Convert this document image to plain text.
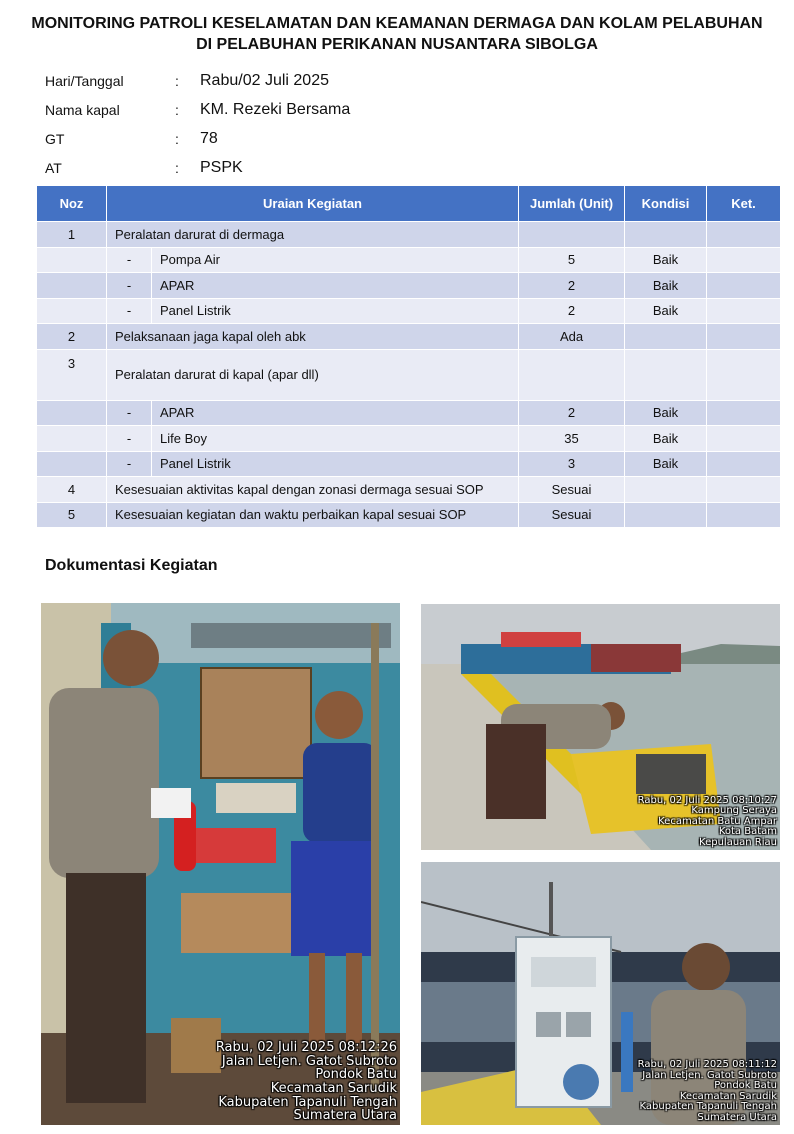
MONITORING PATROLI KESELAMATAN DAN KEAMANAN DERMAGA DAN KOLAM PELABUHAN
DI PELABUHAN PERIKANAN NUSANTARA SIBOLGA
Hari/Tanggal	:	Rabu/02 Juli 2025
Nama kapal	:	KM. Rezeki Bersama
GT	:	78
AT	:	PSPK
Noz	Uraian Kegiatan		Jumlah (Unit)	Kondisi	Ket.
1	Peralatan darurat di dermaga				
	-	Pompa Air	5	Baik	
	-	APAR	2	Baik	
	-	Panel Listrik	2	Baik	
2	Pelaksanaan jaga kapal oleh abk		Ada		
3	Peralatan darurat di kapal (apar dll)				
	-	APAR	2	Baik	
	-	Life Boy	35	Baik	
	-	Panel Listrik	3	Baik	
4	Kesesuaian aktivitas kapal dengan zonasi dermaga sesuai SOP		Sesuai		
5	Kesesuaian kegiatan dan waktu perbaikan kapal sesuai SOP		Sesuai		
Dokumentasi Kegiatan
Rabu, 02 Juli 2025 08:12:26
Jalan Letjen. Gatot Subroto
Pondok Batu
Kecamatan Sarudik
Kabupaten Tapanuli Tengah
Sumatera Utara
Rabu, 02 Juli 2025 08:10:27
Kampung Seraya
Kecamatan Batu Ampar
Kota Batam
Kepulauan Riau
Rabu, 02 Juli 2025 08:11:12
Jalan Letjen. Gatot Subroto
Pondok Batu
Kecamatan Sarudik
Kabupaten Tapanuli Tengah
Sumatera Utara
